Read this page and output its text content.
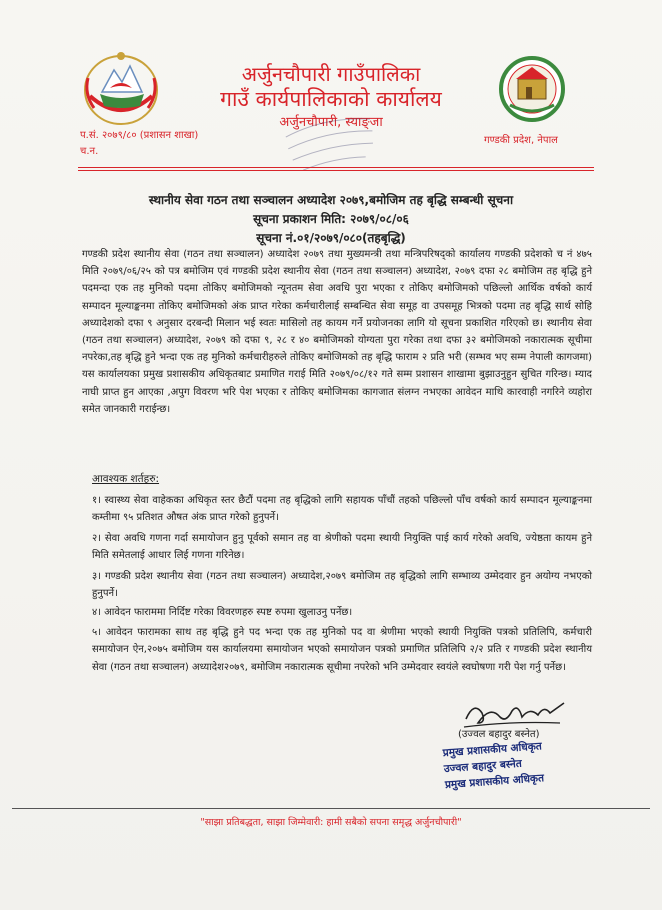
अर्जुनचौपारी गाउँपालिका
गाउँ कार्यपालिकाको कार्यालय
अर्जुनचौपारी, स्याङ्जा
गण्डकी प्रदेश, नेपाल
प.सं. २०७९/८० (प्रशासन शाखा)
च.न.
स्थानीय सेवा गठन तथा सञ्चालन अध्यादेश २०७९,बमोजिम तह बृद्धि सम्बन्धी सूचना
सूचना प्रकाशन मिति: २०७९/०८/०६
सूचना नं.०१/२०७९/०८०(तहबृद्धि)
गण्डकी प्रदेश स्थानीय सेवा (गठन तथा सञ्चालन) अध्यादेश २०७९ तथा मुख्यमन्त्री तथा मन्त्रिपरिषद्को कार्यालय गण्डकी प्रदेशको च नं ४७५ मिति २०७९/०६/२५ को पत्र बमोजिम एवं गण्डकी प्रदेश स्थानीय सेवा (गठन तथा सञ्चालन) अध्यादेश, २०७९ दफा २८ बमोजिम तह बृद्धि हुने पदमन्दा एक तह मुनिको पदमा तोकिए बमोजिमको न्यूनतम सेवा अवधि पुरा भएका र तोकिए बमोजिमको पछिल्लो आर्थिक वर्षको कार्य सम्पादन मूल्याङ्कनमा तोकिए बमोजिमको अंक प्राप्त गरेका कर्मचारीलाई सम्बन्धित सेवा समूह वा उपसमूह भित्रको पदमा तह बृद्धि सार्थ सोहि अध्यादेशको दफा ९ अनुसार दरबन्दी मिलान भई स्वतः मासिलो तह कायम गर्ने प्रयोजनका लागि यो सूचना प्रकाशित गरिएको छ। स्थानीय सेवा (गठन तथा सञ्चालन) अध्यादेश, २०७९ को दफा ९, २८ र ४० बमोजिमको योग्यता पुरा गरेका तथा दफा ३२ बमोजिमको नकारात्मक सूचीमा नपरेका,तह बृद्धि हुने भन्दा एक तह मुनिको कर्मचारीहरुले तोकिए बमोजिमको तह बृद्धि फाराम २ प्रति भरी (सम्भव भए सम्म नेपाली कागजमा) यस कार्यालयका प्रमुख प्रशासकीय अधिकृतबाट प्रमाणित गराई मिति २०७९/०८/१२ गते सम्म प्रशासन शाखामा बुझाउनुहुन सुचित गरिन्छ। म्याद नाघी प्राप्त हुन आएका ,अपुग विवरण भरि पेश भएका र तोकिए बमोजिमका कागजात संलग्न नभएका आवेदन माथि कारवाही नगरिने व्यहोरा समेत जानकारी गराईन्छ।
आवश्यक शर्तहरु:
१। स्वास्थ्य सेवा वाहेकका अधिकृत स्तर छैटौं पदमा तह बृद्धिको लागि सहायक पाँचौं तहको पछिल्लो पाँच वर्षको कार्य सम्पादन मूल्याङ्कनमा कम्तीमा ९५ प्रतिशत औषत अंक प्राप्त गरेको हुनुपर्ने।
२। सेवा अवधि गणना गर्दा समायोजन हुनु पूर्वको समान तह वा श्रेणीको पदमा स्थायी नियुक्ति पाई कार्य गरेको अवधि, ज्येष्ठता कायम हुने मिति समेतलाई आधार लिई गणना गरिनेछ।
३। गण्डकी प्रदेश स्थानीय सेवा (गठन तथा सञ्चालन) अध्यादेश,२०७९ बमोजिम तह बृद्धिको लागि सम्भाव्य उम्मेदवार हुन अयोग्य नभएको हुनुपर्ने।
४। आवेदन फाराममा निर्दिष्ट गरेका विवरणहरु स्पष्ट रुपमा खुलाउनु पर्नेछ।
५। आवेदन फारामका साथ तह बृद्धि हुने पद भन्दा एक तह मुनिको पद वा श्रेणीमा भएको स्थायी नियुक्ति पत्रको प्रतिलिपि, कर्मचारी समायोजन ऐन,२०७५ बमोजिम यस कार्यालयमा समायोजन भएको समायोजन पत्रको प्रमाणित प्रतिलिपि २/२ प्रति र गण्डकी प्रदेश स्थानीय सेवा (गठन तथा सञ्चालन) अध्यादेश२०७९, बमोजिम नकारात्मक सूचीमा नपरेको भनि उम्मेदवार स्वयंले स्वघोषणा गरी पेश गर्नु पर्नेछ।
(उज्वल बहादुर बस्नेत)
प्रमुख प्रशासकीय अधिकृत
उज्वल बहादुर बस्नेत
प्रमुख प्रशासकीय अधिकृत
"साझा प्रतिबद्धता, साझा जिम्मेवारी: हामी सबैको सपना समृद्ध अर्जुनचौपारी"
